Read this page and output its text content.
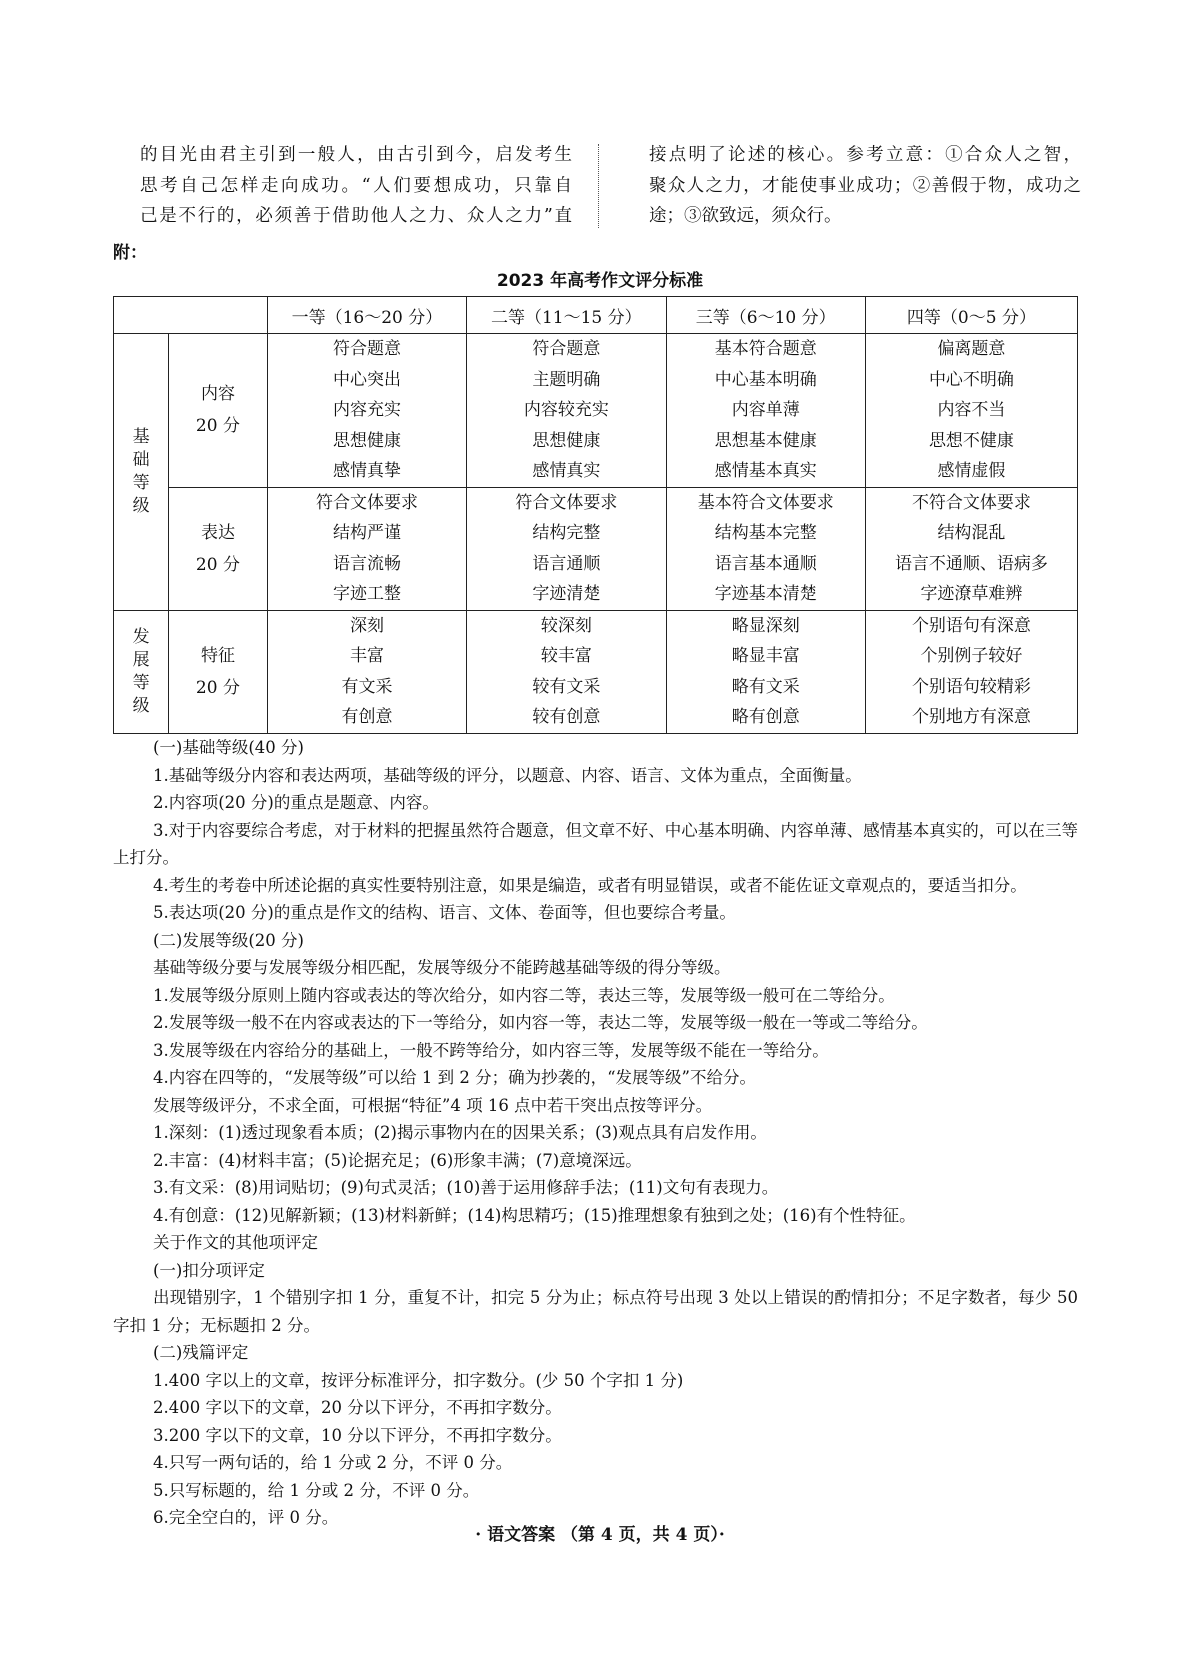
的目光由君主引到一般人，由古引到今，启发考生

思考自己怎样走向成功。“人们要想成功，只靠自

己是不行的，必须善于借助他人之力、众人之力”直

接点明了论述的核心。参考立意：①合众人之智，

聚众人之力，才能使事业成功；②善假于物，成功之

途；③欲致远，须众行。

附：
2023 年高考作文评分标准
		一等（16～20 分）	二等（11～15 分）	三等（6～10 分）	四等（0～5 分）

基
础
等
级	内容
20 分	符合题意
中心突出
内容充实
思想健康
感情真挚	符合题意
主题明确
内容较充实
思想健康
感情真实	基本符合题意
中心基本明确
内容单薄
思想基本健康
感情基本真实	偏离题意
中心不明确
内容不当
思想不健康
感情虚假

	表达
20 分	符合文体要求
结构严谨
语言流畅
字迹工整	符合文体要求
结构完整
语言通顺
字迹清楚	基本符合文体要求
结构基本完整
语言基本通顺
字迹基本清楚	不符合文体要求
结构混乱
语言不通顺、语病多
字迹潦草难辨

发
展
等
级	特征
20 分	深刻
丰富
有文采
有创意	较深刻
较丰富
较有文采
较有创意	略显深刻
略显丰富
略有文采
略有创意	个别语句有深意
个别例子较好
个别语句较精彩
个别地方有深意

(一)基础等级(40 分)

1.基础等级分内容和表达两项，基础等级的评分，以题意、内容、语言、文体为重点，全面衡量。

2.内容项(20 分)的重点是题意、内容。

3.对于内容要综合考虑，对于材料的把握虽然符合题意，但文章不好、中心基本明确、内容单薄、感情基本真实的，可以在三等上打分。

4.考生的考卷中所述论据的真实性要特别注意，如果是编造，或者有明显错误，或者不能佐证文章观点的，要适当扣分。

5.表达项(20 分)的重点是作文的结构、语言、文体、卷面等，但也要综合考量。

(二)发展等级(20 分)

基础等级分要与发展等级分相匹配，发展等级分不能跨越基础等级的得分等级。

1.发展等级分原则上随内容或表达的等次给分，如内容二等，表达三等，发展等级一般可在二等给分。

2.发展等级一般不在内容或表达的下一等给分，如内容一等，表达二等，发展等级一般在一等或二等给分。

3.发展等级在内容给分的基础上，一般不跨等给分，如内容三等，发展等级不能在一等给分。

4.内容在四等的，“发展等级”可以给 1 到 2 分；确为抄袭的，“发展等级”不给分。

发展等级评分，不求全面，可根据“特征”4 项 16 点中若干突出点按等评分。

1.深刻：(1)透过现象看本质；(2)揭示事物内在的因果关系；(3)观点具有启发作用。

2.丰富：(4)材料丰富；(5)论据充足；(6)形象丰满；(7)意境深远。

3.有文采：(8)用词贴切；(9)句式灵活；(10)善于运用修辞手法；(11)文句有表现力。

4.有创意：(12)见解新颖；(13)材料新鲜；(14)构思精巧；(15)推理想象有独到之处；(16)有个性特征。

关于作文的其他项评定

(一)扣分项评定

出现错别字，1 个错别字扣 1 分，重复不计，扣完 5 分为止；标点符号出现 3 处以上错误的酌情扣分；不足字数者，每少 50 字扣 1 分；无标题扣 2 分。

(二)残篇评定

1.400 字以上的文章，按评分标准评分，扣字数分。(少 50 个字扣 1 分)

2.400 字以下的文章，20 分以下评分，不再扣字数分。

3.200 字以下的文章，10 分以下评分，不再扣字数分。

4.只写一两句话的，给 1 分或 2 分，不评 0 分。

5.只写标题的，给 1 分或 2 分，不评 0 分。

6.完全空白的，评 0 分。

· 语文答案 （第 4 页，共 4 页）·
